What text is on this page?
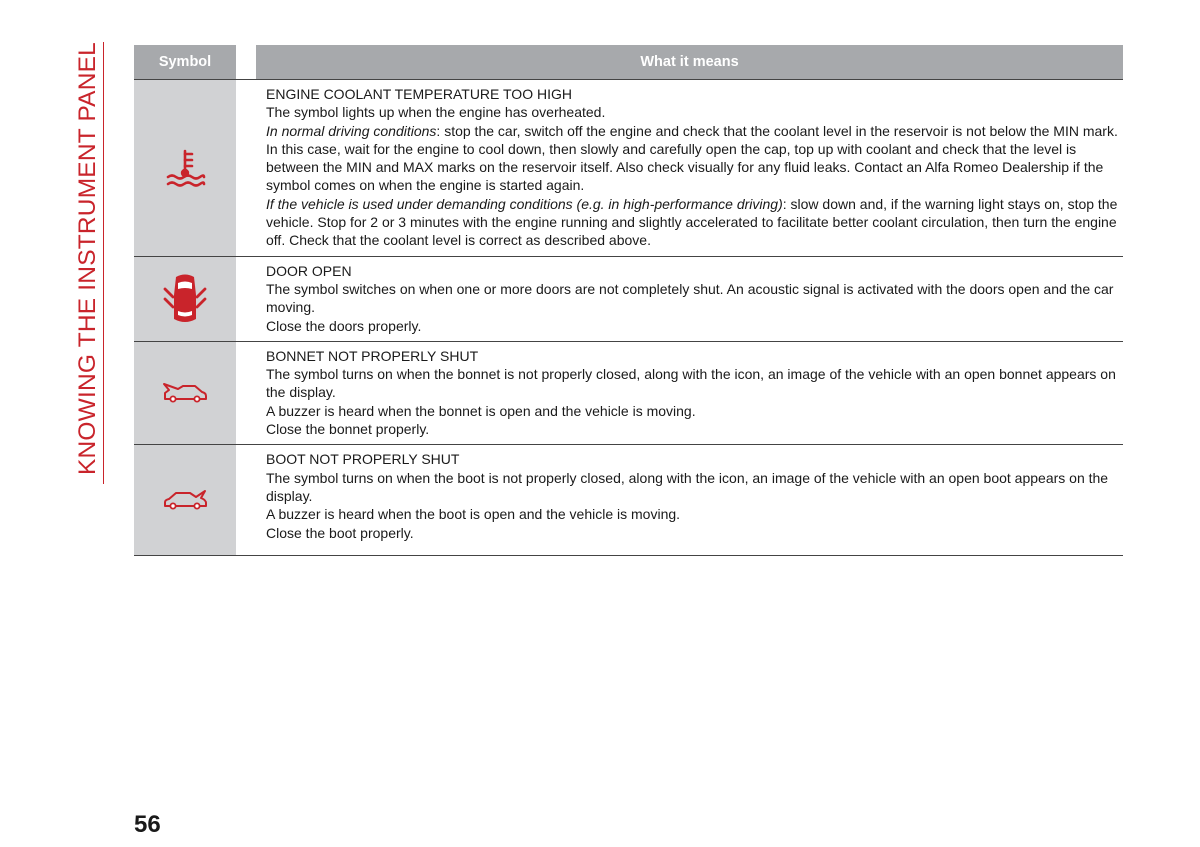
KNOWING THE INSTRUMENT PANEL	Symbol		What it means

ENGINE COOLANT TEMPERATURE TOO HIGH
The symbol lights up when the engine has overheated.
In normal driving conditions: stop the car, switch off the engine and check that the coolant level in the reservoir is not below the MIN mark. In this case, wait for the engine to cool down, then slowly and carefully open the cap, top up with coolant and check that the level is between the MIN and MAX marks on the reservoir itself. Also check visually for any fluid leaks. Contact an Alfa Romeo Dealership if the symbol comes on when the engine is started again.
If the vehicle is used under demanding conditions (e.g. in high-performance driving): slow down and, if the warning light stays on, stop the vehicle. Stop for 2 or 3 minutes with the engine running and slightly accelerated to facilitate better coolant circulation, then turn the engine off. Check that the coolant level is correct as described above.

DOOR OPEN
The symbol switches on when one or more doors are not completely shut. An acoustic signal is activated with the doors open and the car moving.
Close the doors properly.

BONNET NOT PROPERLY SHUT
The symbol turns on when the bonnet is not properly closed, along with the icon, an image of the vehicle with an open bonnet appears on the display.
A buzzer is heard when the bonnet is open and the vehicle is moving.
Close the bonnet properly.

BOOT NOT PROPERLY SHUT
The symbol turns on when the boot is not properly closed, along with the icon, an image of the vehicle with an open boot appears on the display.
A buzzer is heard when the boot is open and the vehicle is moving.
Close the boot properly.
56
